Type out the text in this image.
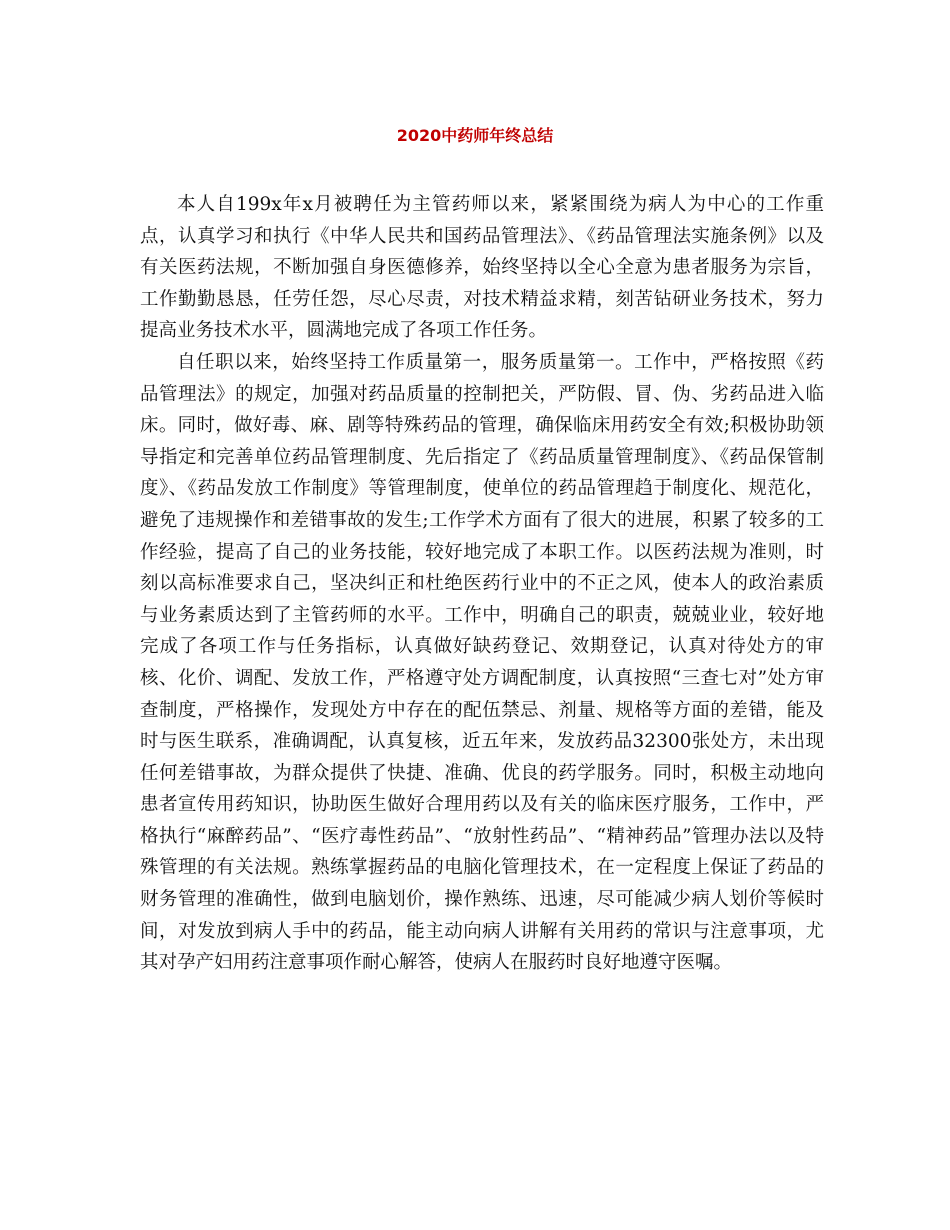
2020中药师年终总结

本人自199x年x月被聘任为主管药师以来，紧紧围绕为病人为中心的工作重点，认真学习和执行《中华人民共和国药品管理法》、《药品管理法实施条例》以及有关医药法规，不断加强自身医德修养，始终坚持以全心全意为患者服务为宗旨，工作勤勤恳恳，任劳任怨，尽心尽责，对技术精益求精，刻苦钻研业务技术，努力提高业务技术水平，圆满地完成了各项工作任务。

自任职以来，始终坚持工作质量第一，服务质量第一。工作中，严格按照《药品管理法》的规定，加强对药品质量的控制把关，严防假、冒、伪、劣药品进入临床。同时，做好毒、麻、剧等特殊药品的管理，确保临床用药安全有效;积极协助领导指定和完善单位药品管理制度、先后指定了《药品质量管理制度》、《药品保管制度》、《药品发放工作制度》等管理制度，使单位的药品管理趋于制度化、规范化，避免了违规操作和差错事故的发生;工作学术方面有了很大的进展，积累了较多的工作经验，提高了自己的业务技能，较好地完成了本职工作。以医药法规为准则，时刻以高标准要求自己，坚决纠正和杜绝医药行业中的不正之风，使本人的政治素质与业务素质达到了主管药师的水平。工作中，明确自己的职责，兢兢业业，较好地完成了各项工作与任务指标，认真做好缺药登记、效期登记，认真对待处方的审核、化价、调配、发放工作，严格遵守处方调配制度，认真按照“三查七对”处方审查制度，严格操作，发现处方中存在的配伍禁忌、剂量、规格等方面的差错，能及时与医生联系，准确调配，认真复核，近五年来，发放药品32300张处方，未出现任何差错事故，为群众提供了快捷、准确、优良的药学服务。同时，积极主动地向患者宣传用药知识，协助医生做好合理用药以及有关的临床医疗服务，工作中，严格执行“麻醉药品”、“医疗毒性药品”、“放射性药品”、“精神药品”管理办法以及特殊管理的有关法规。熟练掌握药品的电脑化管理技术，在一定程度上保证了药品的财务管理的准确性，做到电脑划价，操作熟练、迅速，尽可能减少病人划价等候时间，对发放到病人手中的药品，能主动向病人讲解有关用药的常识与注意事项，尤其对孕产妇用药注意事项作耐心解答，使病人在服药时良好地遵守医嘱。
